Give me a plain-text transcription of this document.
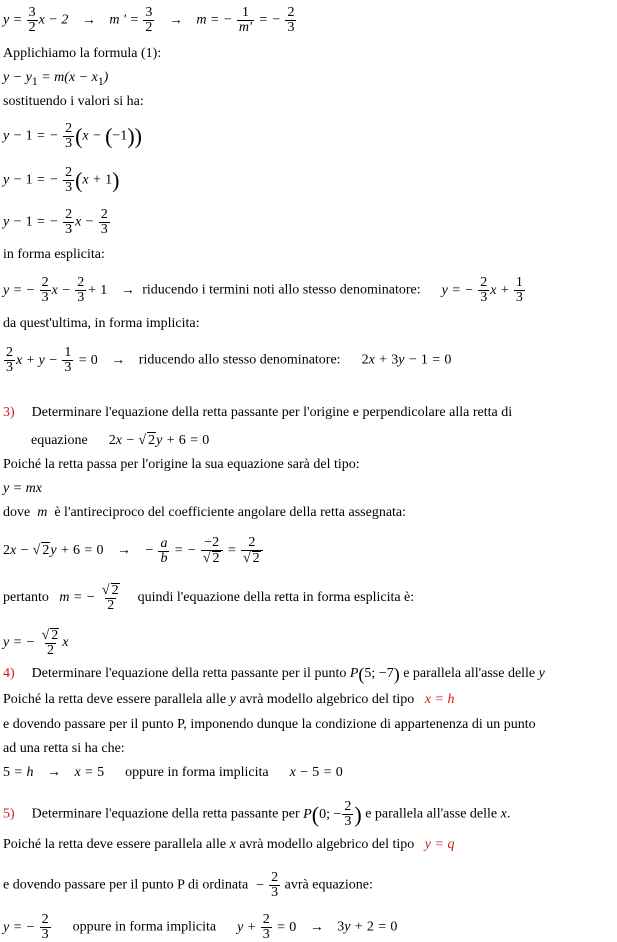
$y = \frac{3}{2}$ x − 2 → m ' = $\frac{3}{2} \to m$ = − $\frac{1}{m'}$ = − $\frac{2}{3}$
Applichiamo la formula (1):
$y - y_1 = m(x - x_1)$
sostituendo i valori si ha:
y − 1 = − $\frac{2}{3} (x - (-1))$
y − 1 = − $\frac{2}{3} (x + 1)$
y − 1 = − $\frac{2}{3}$ $x - \frac{2}{3}$
in forma esplicita:
y = − $\frac{2}{3}$ $x - \frac{2}{3} + 1$ → riducendo i termini noti allo stesso denominatore: y = − $\frac{2}{3}$ $x + \frac{1}{3}$
da quest'ultima, in forma implicita:
$\frac{2}{3}$ $x + y - \frac{1}{3} = 0$ → riducendo allo stesso denominatore: 2x + 3y − 1 = 0
3) Determinare l'equazione della retta passante per l'origine e perpendicolare alla retta di
equazione 2x − √ 2y + 6 = 0
Poiché la retta passa per l'origine la sua equazione sarà del tipo:
y = mx
dove  m  è l'antireciproco del coefficiente angolare della retta assegnata:
2x − √ 2y + 6 = 0 → − $\frac{a}{b}$ = − $\frac{-2}{√ 2} = \frac{2}{√ 2}$
pertanto   m = − $\frac{√ 2}{2}$ quindi l'equazione della retta in forma esplicita è:
y = − $\frac{√ 2}{2}$ x
4) Determinare l'equazione della retta passante per il punto P(5; −7) e parallela all'asse delle y
Poiché la retta deve essere parallela alle y avrà modello algebrico del tipo   x = h
e dovendo passare per il punto P, imponendo dunque la condizione di appartenenza di un punto
ad una retta si ha che:
5 = h → x = 5 oppure in forma implicita x − 5 = 0
5) Determinare l'equazione della retta passante per P(0; − $\frac{2}{3}$ ) e parallela all'asse delle x.
Poiché la retta deve essere parallela alle x avrà modello algebrico del tipo   y = q
e dovendo passare per il punto P di ordinata  − $\frac{2}{3}$ avrà equazione:
y = − $\frac{2}{3}$ oppure in forma implicita $y + \frac{2}{3} = 0 \to 3y + 2 = 0$
